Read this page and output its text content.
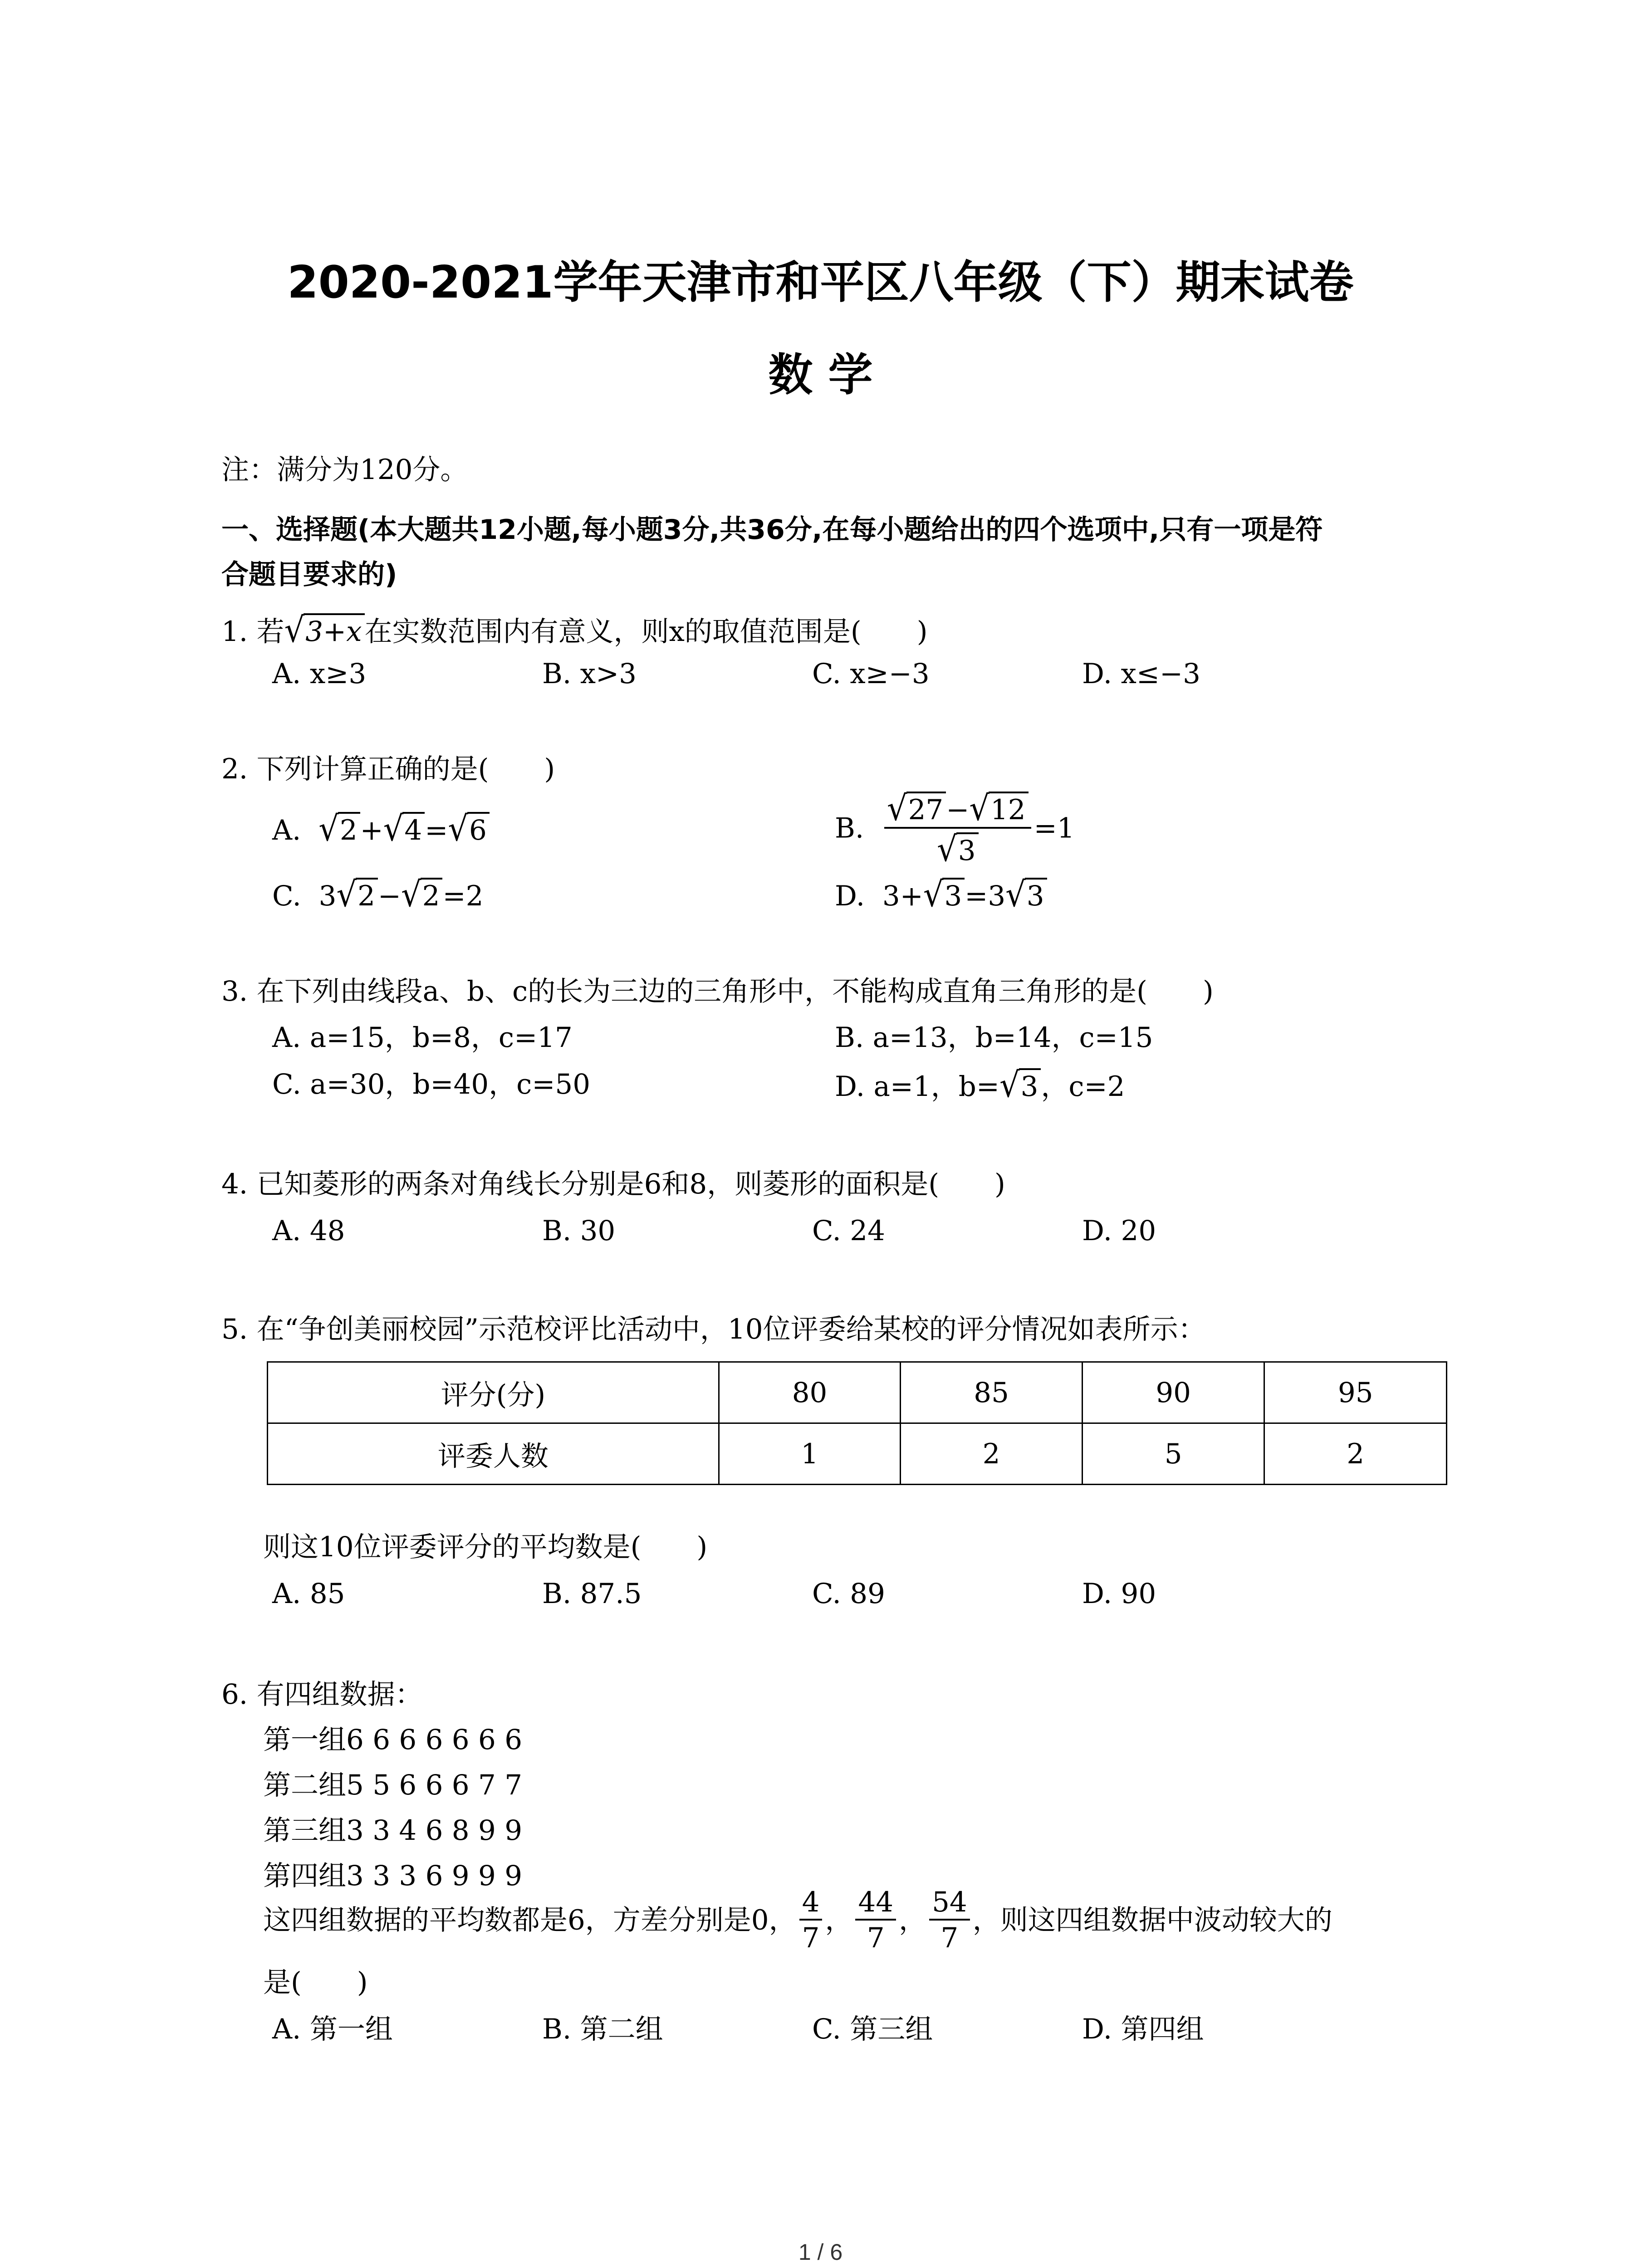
2020-2021学年天津市和平区八年级（下）期末试卷
数 学
注：满分为120分。
一、选择题(本大题共12小题,每小题3分,共36分,在每小题给出的四个选项中,只有一项是符
合题目要求的)
1. 若√3+x在实数范围内有意义，则x的取值范围是(　　)
A. x≥3	B. x>3	C. x≥−3	D. x≤−3
2. 下列计算正确的是(　　)
A. √2+√4=√6	B. $\frac{√27-√12}{√3} =1$
C. 3√2−√2=2	D. 3+√3=3√3
3. 在下列由线段a、b、c的长为三边的三角形中，不能构成直角三角形的是(　　)
A. a=15，b=8，c=17	B. a=13，b=14，c=15
C. a=30，b=40，c=50	D. a=1，b=√3，c=2
4. 已知菱形的两条对角线长分别是6和8，则菱形的面积是(　　)
A. 48	B. 30	C. 24	D. 20
5. 在“争创美丽校园”示范校评比活动中，10位评委给某校的评分情况如表所示：
评分(分)	80	85	90	95
评委人数	1	2	5	2
则这10位评委评分的平均数是(　　)
A. 85	B. 87.5	C. 89	D. 90
6. 有四组数据：
第一组6 6 6 6 6 6 6
第二组5 5 6 6 6 7 7
第三组3 3 4 6 8 9 9
第四组3 3 3 6 9 9 9
这四组数据的平均数都是6，方差分别是0， $\frac{4}{7}$ ， $\frac{44}{7}$ ， $\frac{54}{7}$ ，则这四组数据中波动较大的
是(　　)
A. 第一组	B. 第二组	C. 第三组	D. 第四组
1 / 6
